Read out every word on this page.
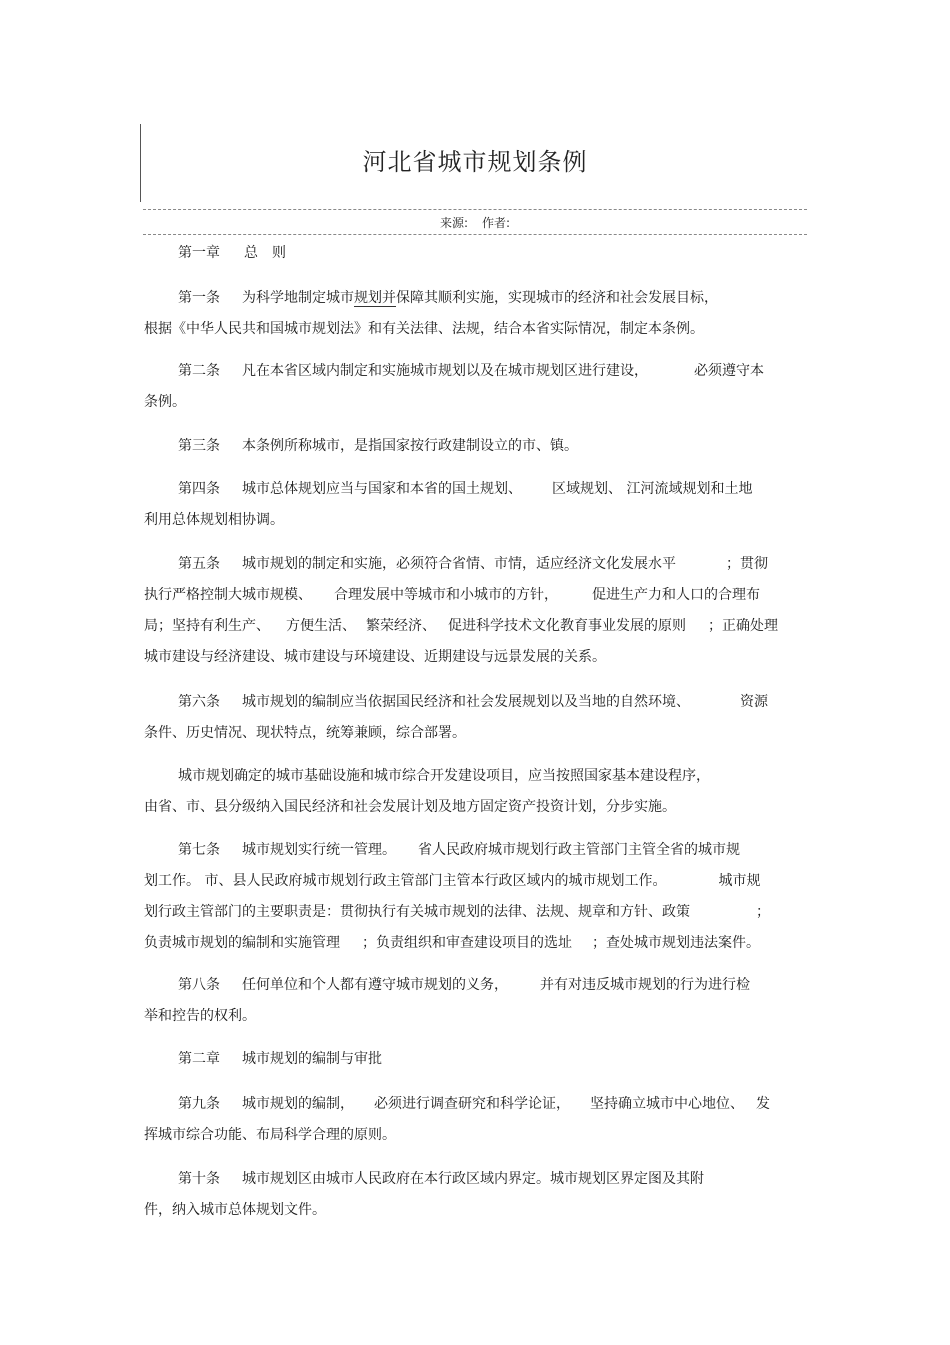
河北省城市规划条例
来源: 作者:
第一章 总　则
第一条 为科学地制定城市规划并保障其顺利实施，实现城市的经济和社会发展目标，
根据《中华人民共和国城市规划法》和有关法律、法规，结合本省实际情况，制定本条例。
第二条 凡在本省区域内制定和实施城市规划以及在城市规划区进行建设，	必须遵守本
条例。
第三条 本条例所称城市，是指国家按行政建制设立的市、镇。
第四条 城市总体规划应当与国家和本省的国土规划、 区域规划、 江河流域规划和土地
利用总体规划相协调。
第五条 城市规划的制定和实施，必须符合省情、市情，适应经济文化发展水平	；贯彻
执行严格控制大城市规模、 合理发展中等城市和小城市的方针， 促进生产力和人口的合理布
局；坚持有利生产、 方便生活、 繁荣经济、 促进科学技术文化教育事业发展的原则 ；正确处理
城市建设与经济建设、城市建设与环境建设、近期建设与远景发展的关系。
第六条 城市规划的编制应当依据国民经济和社会发展规划以及当地的自然环境、	资源
条件、历史情况、现状特点，统筹兼顾，综合部署。
城市规划确定的城市基础设施和城市综合开发建设项目，应当按照国家基本建设程序，
由省、市、县分级纳入国民经济和社会发展计划及地方固定资产投资计划，分步实施。
第七条 城市规划实行统一管理。 省人民政府城市规划行政主管部门主管全省的城市规
划工作。 市、县人民政府城市规划行政主管部门主管本行政区域内的城市规划工作。	城市规
划行政主管部门的主要职责是：贯彻执行有关城市规划的法律、法规、规章和方针、政策	；
负责城市规划的编制和实施管理 ；负责组织和审查建设项目的选址 ；查处城市规划违法案件。
第八条 任何单位和个人都有遵守城市规划的义务， 并有对违反城市规划的行为进行检
举和控告的权利。
第二章 城市规划的编制与审批
第九条 城市规划的编制， 必须进行调查研究和科学论证， 坚持确立城市中心地位、 发
挥城市综合功能、布局科学合理的原则。
第十条 城市规划区由城市人民政府在本行政区域内界定。城市规划区界定图及其附
件，纳入城市总体规划文件。
